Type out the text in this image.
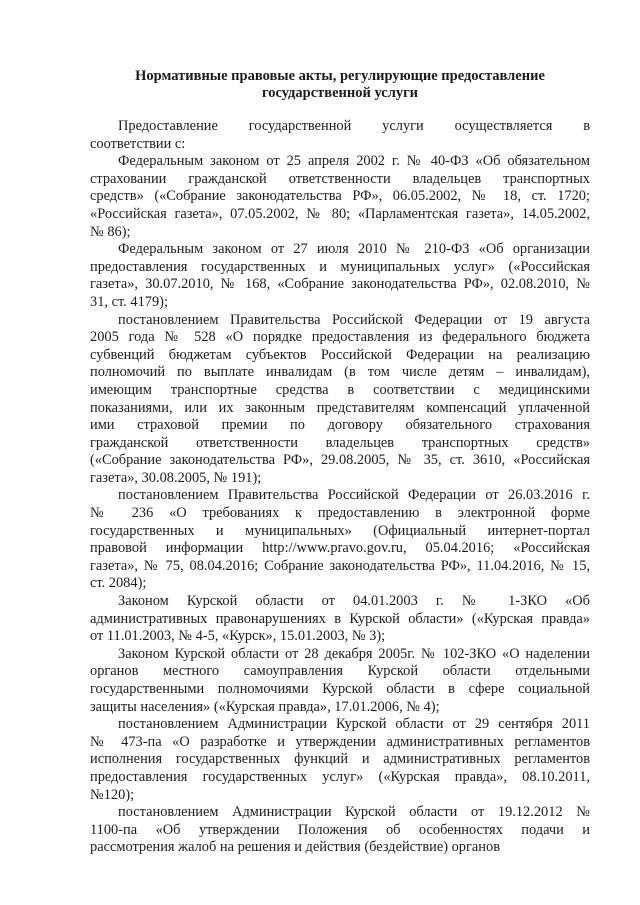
Нормативные правовые акты, регулирующие предоставление
государственной услуги
Предоставление государственной услуги осуществляется в
соответствии с:
Федеральным законом от 25 апреля 2002 г. № 40-ФЗ «Об обязательном
страховании гражданской ответственности владельцев транспортных
средств» («Собрание законодательства РФ», 06.05.2002, № 18, ст. 1720;
«Российская газета», 07.05.2002, № 80; «Парламентская газета», 14.05.2002,
№ 86);
Федеральным законом от 27 июля 2010 № 210-ФЗ «Об организации
предоставления государственных и муниципальных услуг» («Российская
газета», 30.07.2010, № 168, «Собрание законодательства РФ», 02.08.2010, №
31, ст. 4179);
постановлением Правительства Российской Федерации от 19 августа
2005 года № 528 «О порядке предоставления из федерального бюджета
субвенций бюджетам субъектов Российской Федерации на реализацию
полномочий по выплате инвалидам (в том числе детям – инвалидам),
имеющим транспортные средства в соответствии с медицинскими
показаниями, или их законным представителям компенсаций уплаченной
ими страховой премии по договору обязательного страхования
гражданской ответственности владельцев транспортных средств»
(«Собрание законодательства РФ», 29.08.2005, № 35, ст. 3610, «Российская
газета», 30.08.2005, № 191);
постановлением Правительства Российской Федерации от 26.03.2016 г.
№ 236 «О требованиях к предоставлению в электронной форме
государственных и муниципальных» (Официальный интернет-портал
правовой информации http://www.pravo.gov.ru, 05.04.2016; «Российская
газета», № 75, 08.04.2016; Собрание законодательства РФ», 11.04.2016, № 15,
ст. 2084);
Законом Курской области от 04.01.2003 г. № 1-ЗКО «Об
административных правонарушениях в Курской области» («Курская правда»
от 11.01.2003, № 4-5, «Курск», 15.01.2003, № 3);
Законом Курской области от 28 декабря 2005г. № 102-ЗКО «О наделении
органов местного самоуправления Курской области отдельными
государственными полномочиями Курской области в сфере социальной
защиты населения» («Курская правда», 17.01.2006, № 4);
постановлением Администрации Курской области от 29 сентября 2011
№ 473-па «О разработке и утверждении административных регламентов
исполнения государственных функций и административных регламентов
предоставления государственных услуг» («Курская правда», 08.10.2011,
№120);
постановлением Администрации Курской области от 19.12.2012 №
1100-па «Об утверждении Положения об особенностях подачи и
рассмотрения жалоб на решения и действия (бездействие) органов
